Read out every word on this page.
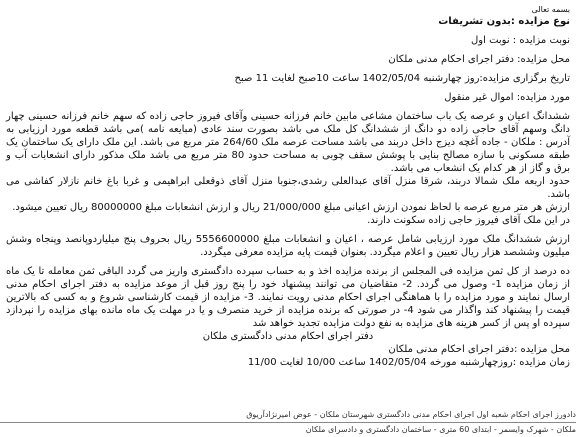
بسمه تعالی

نوع مزایده :بدون تشریفات

نوبت مزایده : نوبت اول

محل مزایده: دفتر اجرای احکام مدنی ملکان

تاریخ برگزاری مزایده:روز چهارشنبه 1402/05/04 ساعت 10صبح لغایت 11 صبح

مورد مزایده: اموال غیر منقول

ششدانگ اعیان و عرصه یک باب ساختمان مشاعی مابین خانم فرزانه حسینی وآقای فیروز حاجی زاده که سهم خانم فرزانه حسینی چهار دانگ وسهم آقای حاجی زاده دو دانگ از ششدانگ کل ملک می باشد بصورت سند عادی (مبایعه نامه )می باشد قطعه مورد ارزیابی به آدرس : ملکان - جاده آغچه دیزج داخل دربند می باشد مساحت عرصه ملک 264/60 متر مربع می باشد. این ملک دارای یک ساختمان یک طبقه مسکونی با سازه مصالح بنایی با پوشش سقف چوبی به مساحت حدود 80 متر مربع می باشد ملک مذکور دارای انشعابات آب و برق و گاز از هر کدام یک انشعاب می باشد.

حدود اربعه ملک شمالا دربند، شرقا منزل آقای عبدالعلی رشدی،جنوبا منزل آقای ذوقعلی ابراهیمی و غربا باغ خانم نازلار کفاشی می باشد.

ارزش هر متر مربع عرصه با لحاظ نمودن ارزش اعیانی مبلغ 21/000/000 ریال و ارزش انشعابات مبلغ 80000000 ریال تعیین میشود.

در این ملک آقای فیروز حاجی زاده سکونت دارند.

ارزش ششدانگ ملک مورد ارزیابی شامل عرصه ، اعیان و انشعابات مبلغ 5556600000 ریال بحروف پنج میلیاردوپانصد وپنجاه وشش میلیون وششصد هزار ریال تعیین و اعلام میگردد. بعنوان قیمت پایه مزایده معرفی میگردد.

ده درصد از کل ثمن مزایده فی المجلس از برنده مزایده اخذ و به حساب سپرده دادگستری واریز می گردد الباقی ثمن معامله تا یک ماه از زمان مزایده 1- وصول می گردد. 2- متقاضیان می توانند پیشنهاد خود را پنج روز قبل از موعد مزایده به دفتر اجرای احکام مدنی ارسال نمایند و مورد مزایده را با هماهنگی اجرای احکام مدنی رویت نمایند. 3- مزایده از قیمت کارشناسی شروع و به کسی که بالاترین قیمت را پیشنهاد کند واگذار می شود 4- در صورتی که برنده مزایده از خرید منصرف و یا در مهلت یک ماه مانده بهای مزایده را نپردازد سپرده او پس از کسر هزینه های مزایده به نفع دولت مزایده تجدید خواهد شد

دفتر اجرای احکام مدنی دادگستری ملکان

محل مزایده :دفتر اجرای احکام مدنی ملکان

زمان مزایده :روزچهارشنبه مورخه 1402/05/04 ساعت 10/00 لغایت 11/00

دادورز اجرای احکام شعبه اول اجرای احکام مدنی دادگستری شهرستان ملکان - عوض امیرنژادآریوق
ملکان - شهرک وایسمر - ابتدای 60 متری - ساختمان دادگستری و دادسرای ملکان
